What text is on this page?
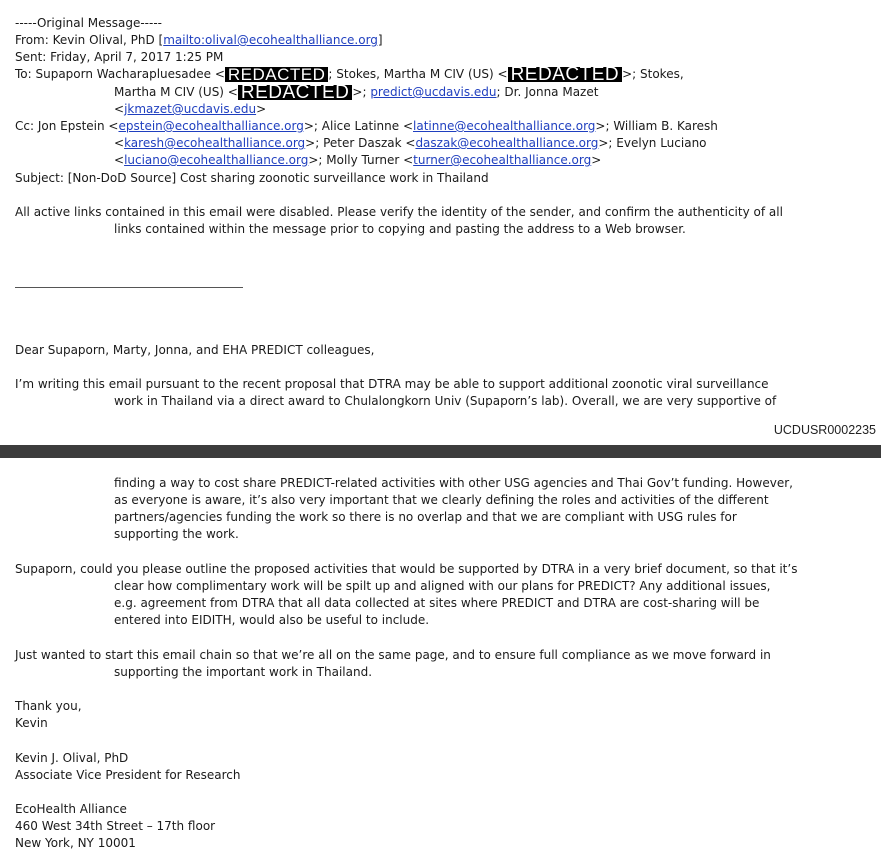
-----Original Message-----
From: Kevin Olival, PhD [mailto:olival@ecohealthalliance.org]
Sent: Friday, April 7, 2017 1:25 PM
To: Supaporn Wacharapluesadee < REDACTED ; Stokes, Martha M CIV (US) < REDACTED >; Stokes,
Martha M CIV (US) < REDACTED >; predict@ucdavis.edu; Dr. Jonna Mazet
<jkmazet@ucdavis.edu>
Cc: Jon Epstein <epstein@ecohealthalliance.org>; Alice Latinne <latinne@ecohealthalliance.org>; William B. Karesh
<karesh@ecohealthalliance.org>; Peter Daszak <daszak@ecohealthalliance.org>; Evelyn Luciano
<luciano@ecohealthalliance.org>; Molly Turner <turner@ecohealthalliance.org>
Subject: [Non-DoD Source] Cost sharing zoonotic surveillance work in Thailand
All active links contained in this email were disabled. Please verify the identity of the sender, and confirm the authenticity of all
links contained within the message prior to copying and pasting the address to a Web browser.
Dear Supaporn, Marty, Jonna, and EHA PREDICT colleagues,
I’m writing this email pursuant to the recent proposal that DTRA may be able to support additional zoonotic viral surveillance
work in Thailand via a direct award to Chulalongkorn Univ (Supaporn’s lab). Overall, we are very supportive of
UCDUSR0002235
finding a way to cost share PREDICT-related activities with other USG agencies and Thai Gov’t funding. However,
as everyone is aware, it’s also very important that we clearly defining the roles and activities of the different
partners/agencies funding the work so there is no overlap and that we are compliant with USG rules for
supporting the work.
Supaporn, could you please outline the proposed activities that would be supported by DTRA in a very brief document, so that it’s
clear how complimentary work will be spilt up and aligned with our plans for PREDICT? Any additional issues,
e.g. agreement from DTRA that all data collected at sites where PREDICT and DTRA are cost-sharing will be
entered into EIDITH, would also be useful to include.
Just wanted to start this email chain so that we’re all on the same page, and to ensure full compliance as we move forward in
supporting the important work in Thailand.
Thank you,
Kevin
Kevin J. Olival, PhD
Associate Vice President for Research
EcoHealth Alliance
460 West 34th Street – 17th floor
New York, NY 10001
